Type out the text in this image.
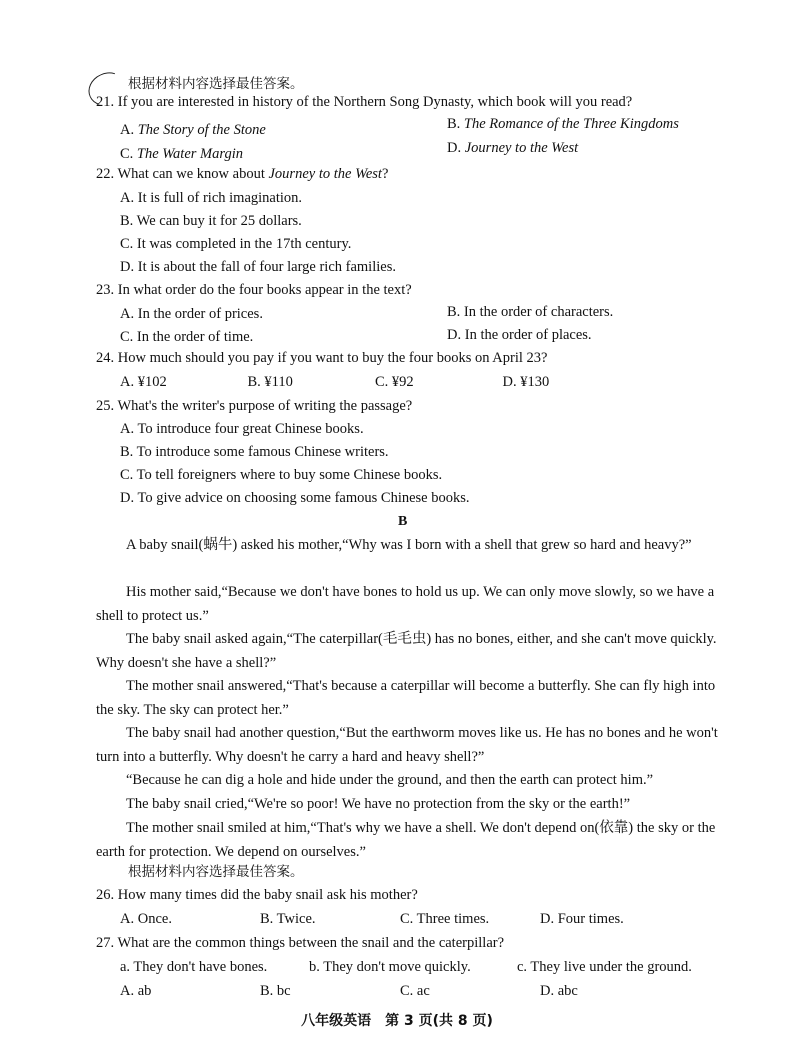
根据材料内容选择最佳答案。
21. If you are interested in history of the Northern Song Dynasty, which book will you read?
A. The Story of the Stone	B. The Romance of the Three Kingdoms
C. The Water Margin	D. Journey to the West
22. What can we know about Journey to the West?
A. It is full of rich imagination.
B. We can buy it for 25 dollars.
C. It was completed in the 17th century.
D. It is about the fall of four large rich families.
23. In what order do the four books appear in the text?
A. In the order of prices.	B. In the order of characters.
C. In the order of time.	D. In the order of places.
24. How much should you pay if you want to buy the four books on April 23?
A. ¥102	B. ¥110	C. ¥92	D. ¥130
25. What's the writer's purpose of writing the passage?
A. To introduce four great Chinese books.
B. To introduce some famous Chinese writers.
C. To tell foreigners where to buy some Chinese books.
D. To give advice on choosing some famous Chinese books.
B
A baby snail(蜗牛) asked his mother,“Why was I born with a shell that grew so hard and heavy?”
His mother said,“Because we don't have bones to hold us up. We can only move slowly, so we have a shell to protect us.”
The baby snail asked again,“The caterpillar(毛毛虫) has no bones, either, and she can't move quickly. Why doesn't she have a shell?”
The mother snail answered,“That's because a caterpillar will become a butterfly. She can fly high into the sky. The sky can protect her.”
The baby snail had another question,“But the earthworm moves like us. He has no bones and he won't turn into a butterfly. Why doesn't he carry a hard and heavy shell?”
“Because he can dig a hole and hide under the ground, and then the earth can protect him.”
The baby snail cried,“We're so poor! We have no protection from the sky or the earth!”
The mother snail smiled at him,“That's why we have a shell. We don't depend on(依靠) the sky or the earth for protection. We depend on ourselves.”
根据材料内容选择最佳答案。
26. How many times did the baby snail ask his mother?
A. Once.	B. Twice.	C. Three times.	D. Four times.
27. What are the common things between the snail and the caterpillar?
a. They don't have bones.	b. They don't move quickly.	c. They live under the ground.
A. ab	B. bc	C. ac	D. abc
八年级英语　第 3 页(共 8 页)
